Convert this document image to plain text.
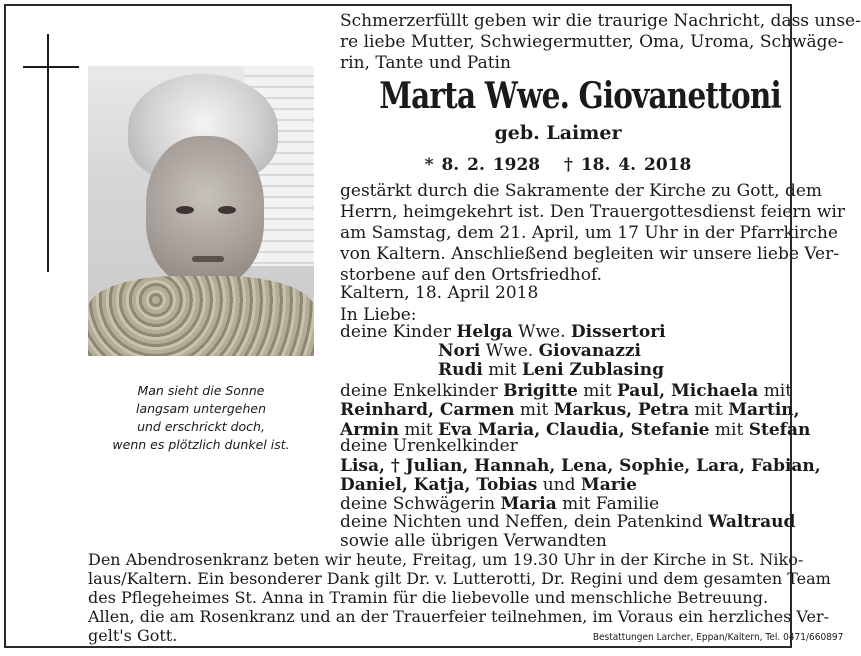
Man sieht die Sonne
langsam untergehen
und erschrickt doch,
wenn es plötzlich dunkel ist.
Schmerzerfüllt geben wir die traurige Nachricht, dass unse-
re liebe Mutter, Schwiegermutter, Oma, Uroma, Schwäge-
rin, Tante und Patin
Marta Wwe. Giovanettoni
geb. Laimer
* 8. 2. 1928 † 18. 4. 2018
gestärkt durch die Sakramente der Kirche zu Gott, dem
Herrn, heimgekehrt ist. Den Trauergottesdienst feiern wir
am Samstag, dem 21. April, um 17 Uhr in der Pfarrkirche
von Kaltern. Anschließend begleiten wir unsere liebe Ver-
storbene auf den Ortsfriedhof.
Kaltern, 18. April 2018
In Liebe:
deine Kinder Helga Wwe. Dissertori
Nori Wwe. Giovanazzi
Rudi mit Leni Zublasing
deine Enkelkinder Brigitte mit Paul, Michaela mit
Reinhard, Carmen mit Markus, Petra mit Martin,
Armin mit Eva Maria, Claudia, Stefanie mit Stefan
deine Urenkelkinder
Lisa, † Julian, Hannah, Lena, Sophie, Lara, Fabian,
Daniel, Katja, Tobias und Marie
deine Schwägerin Maria mit Familie
deine Nichten und Neffen, dein Patenkind Waltraud
sowie alle übrigen Verwandten
Den Abendrosenkranz beten wir heute, Freitag, um 19.30 Uhr in der Kirche in St. Niko-
laus/Kaltern. Ein besonderer Dank gilt Dr. v. Lutterotti, Dr. Regini und dem gesamten Team
des Pflegeheimes St. Anna in Tramin für die liebevolle und menschliche Betreuung.
Allen, die am Rosenkranz und an der Trauerfeier teilnehmen, im Voraus ein herzliches Ver-
gelt's Gott.	Bestattungen Larcher, Eppan/Kaltern, Tel. 0471/660897
